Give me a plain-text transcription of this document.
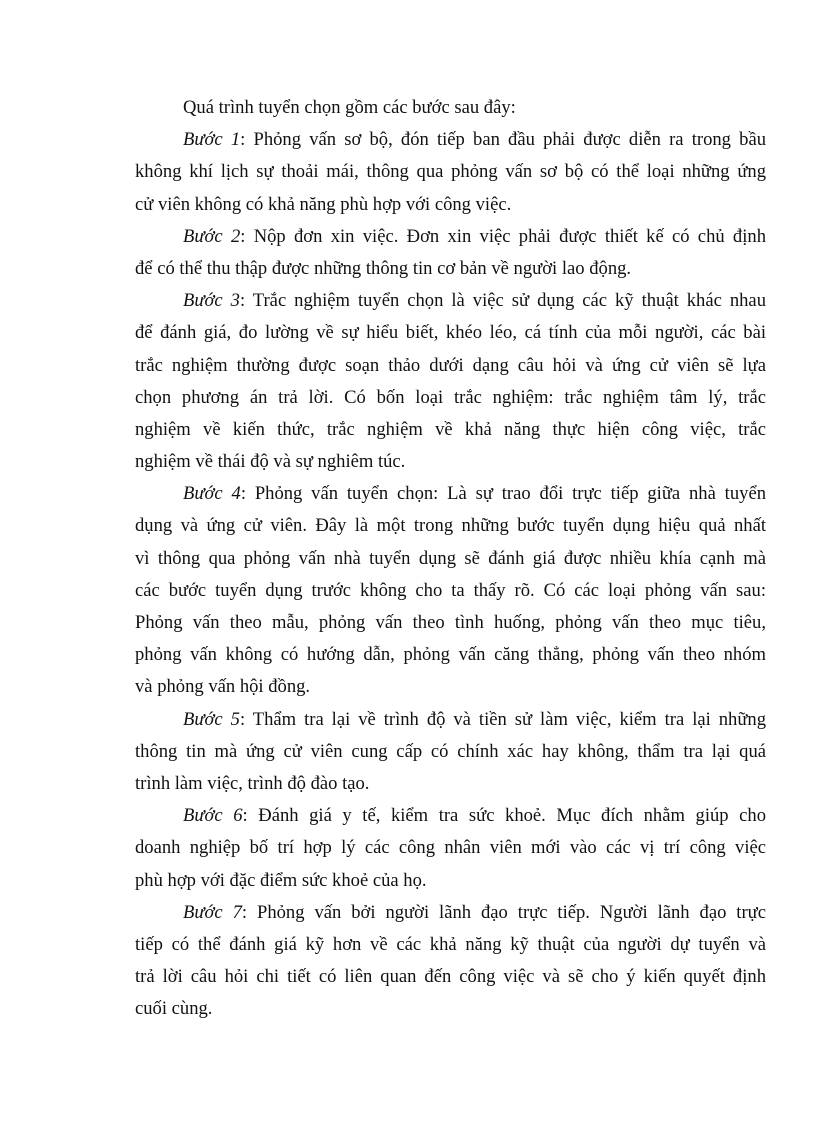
Quá trình tuyển chọn gồm các bước sau đây:
Bước 1: Phỏng vấn sơ bộ, đón tiếp ban đầu phải được diễn ra trong bầu
không khí lịch sự thoải mái, thông qua phỏng vấn sơ bộ có thể loại những ứng
cử viên không có khả năng phù hợp với công việc.
Bước 2: Nộp đơn xin việc. Đơn xin việc phải được thiết kế có chủ định
để có thể thu thập được những thông tin cơ bản về người lao động.
Bước 3: Trắc nghiệm tuyển chọn là việc sử dụng các kỹ thuật khác nhau
để đánh giá, đo lường về sự hiểu biết, khéo léo, cá tính của mỗi người, các bài
trắc nghiệm thường được soạn thảo dưới dạng câu hỏi và ứng cử viên sẽ lựa
chọn phương án trả lời. Có bốn loại trắc nghiệm: trắc nghiệm tâm lý, trắc
nghiệm về kiến thức, trắc nghiệm về khả năng thực hiện công việc, trắc
nghiệm về thái độ và sự nghiêm túc.
Bước 4: Phỏng vấn tuyển chọn: Là sự trao đổi trực tiếp giữa nhà tuyển
dụng và ứng cử viên. Đây là một trong những bước tuyển dụng hiệu quả nhất
vì thông qua phỏng vấn nhà tuyển dụng sẽ đánh giá được nhiều khía cạnh mà
các bước tuyển dụng trước không cho ta thấy rõ. Có các loại phỏng vấn sau:
Phỏng vấn theo mẫu, phỏng vấn theo tình huống, phỏng vấn theo mục tiêu,
phỏng vấn không có hướng dẫn, phỏng vấn căng thẳng, phỏng vấn theo nhóm
và phỏng vấn hội đồng.
Bước 5: Thẩm tra lại về trình độ và tiền sử làm việc, kiểm tra lại những
thông tin mà ứng cử viên cung cấp có chính xác hay không, thẩm tra lại quá
trình làm việc, trình độ đào tạo.
Bước 6: Đánh giá y tế, kiểm tra sức khoẻ. Mục đích nhằm giúp cho
doanh nghiệp bố trí hợp lý các công nhân viên mới vào các vị trí công việc
phù hợp với đặc điểm sức khoẻ của họ.
Bước 7: Phỏng vấn bởi người lãnh đạo trực tiếp. Người lãnh đạo trực
tiếp có thể đánh giá kỹ hơn về các khả năng kỹ thuật của người dự tuyển và
trả lời câu hỏi chi tiết có liên quan đến công việc và sẽ cho ý kiến quyết định
cuối cùng.
